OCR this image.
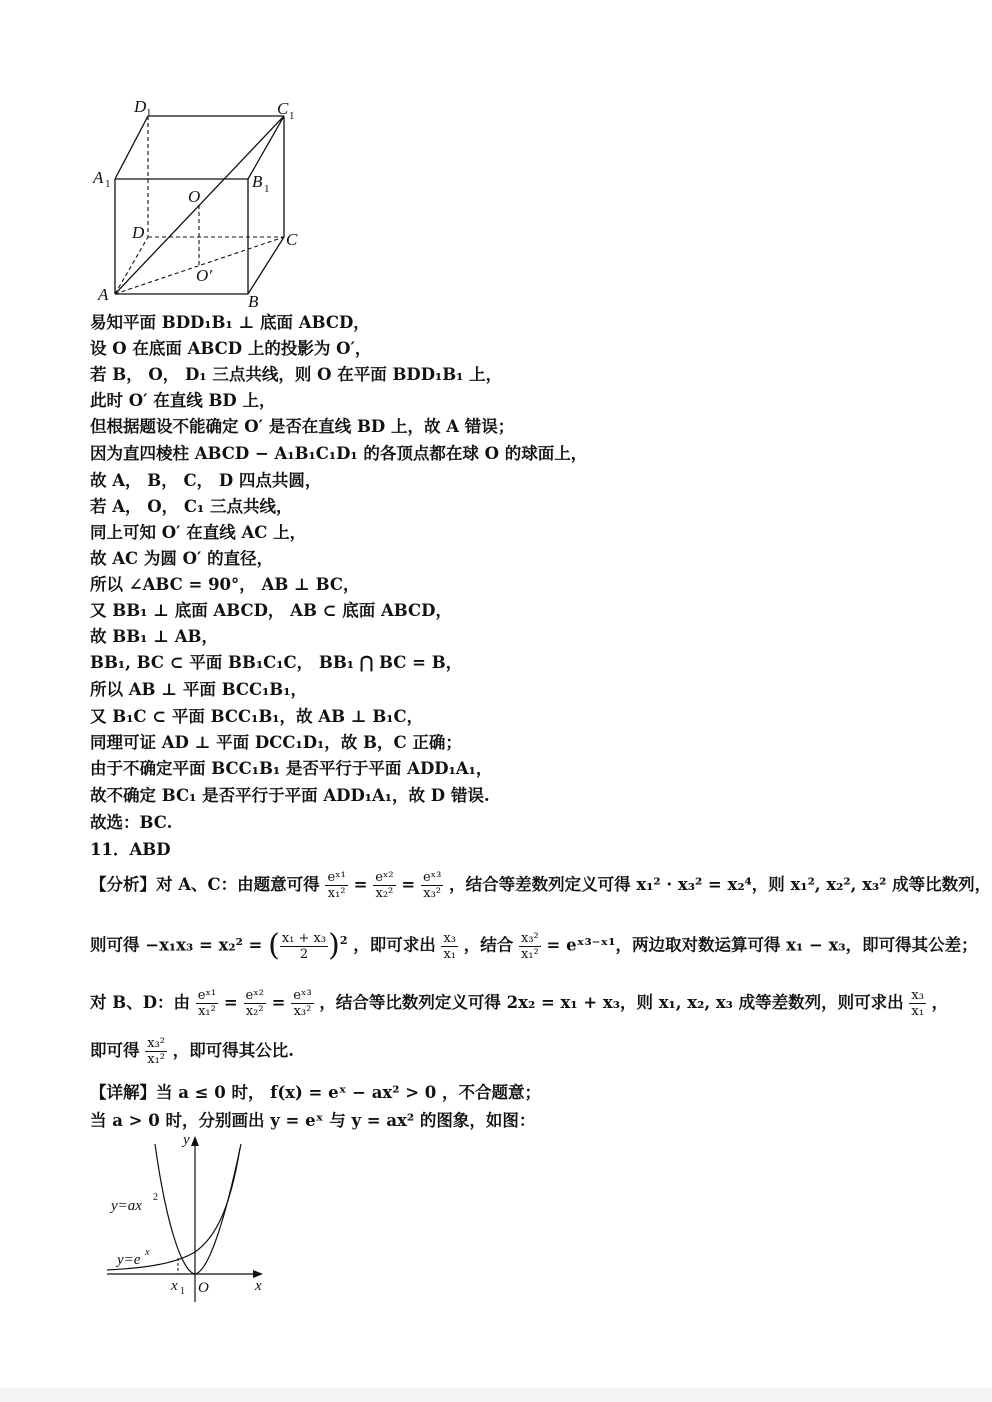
D 1	C 1
A 1	B 1
O
D	C
O′
A	B
易知平面 BDD₁B₁ ⊥ 底面 ABCD，
设 O 在底面 ABCD 上的投影为 O′，
若 B， O， D₁ 三点共线，则 O 在平面 BDD₁B₁ 上，
此时 O′ 在直线 BD 上，
但根据题设不能确定 O′ 是否在直线 BD 上，故 A 错误；
因为直四棱柱 ABCD − A₁B₁C₁D₁ 的各顶点都在球 O 的球面上，
故 A， B， C， D 四点共圆，
若 A， O， C₁ 三点共线，
同上可知 O′ 在直线 AC 上，
故 AC 为圆 O′ 的直径，
所以 ∠ABC = 90°， AB ⊥ BC，
又 BB₁ ⊥ 底面 ABCD， AB ⊂ 底面 ABCD，
故 BB₁ ⊥ AB，
BB₁, BC ⊂ 平面 BB₁C₁C， BB₁ ⋂ BC = B，
所以 AB ⊥ 平面 BCC₁B₁，
又 B₁C ⊂ 平面 BCC₁B₁，故 AB ⊥ B₁C，
同理可证 AD ⊥ 平面 DCC₁D₁，故 B，C 正确；
由于不确定平面 BCC₁B₁ 是否平行于平面 ADD₁A₁，
故不确定 BC₁ 是否平行于平面 ADD₁A₁，故 D 错误.
故选：BC.
11．ABD
【分析】对 A、C：由题意可得 $\frac{\text{eˣ¹}}{\text{x₁²}} = \frac{\text{eˣ²}}{\text{x₂²}} = \frac{\text{eˣ³}}{\text{x₃²}}$ ，结合等差数列定义可得 x₁² · x₃² = x₂⁴，则 x₁², x₂², x₃² 成等比数列，
则可得 −x₁x₃ = x₂² = ( $\frac{\text{x₁ + x₃}}{2} )^2$ ，即可求出 $\frac{\text{x₃}}{\text{x₁}}$ ，结合 $\frac{\text{x₃²}}{\text{x₁²}}$ = eˣ³⁻ˣ¹，两边取对数运算可得 x₁ − x₃，即可得其公差；
对 B、D：由 $\frac{\text{eˣ¹}}{\text{x₁²}} = \frac{\text{eˣ²}}{\text{x₂²}} = \frac{\text{eˣ³}}{\text{x₃²}}$ ，结合等比数列定义可得 2x₂ = x₁ + x₃，则 x₁, x₂, x₃ 成等差数列，则可求出 $\frac{\text{x₃}}{\text{x₁}}$ ，
即可得 $\frac{\text{x₃²}}{\text{x₁²}}$ ，即可得其公比.
【详解】当 a ≤ 0 时， f(x) = eˣ − ax² > 0 ，不合题意；
当 a > 0 时，分别画出 y = eˣ 与 y = ax² 的图象，如图：
y
x
y=ax
2
y=e x
x 1 O
